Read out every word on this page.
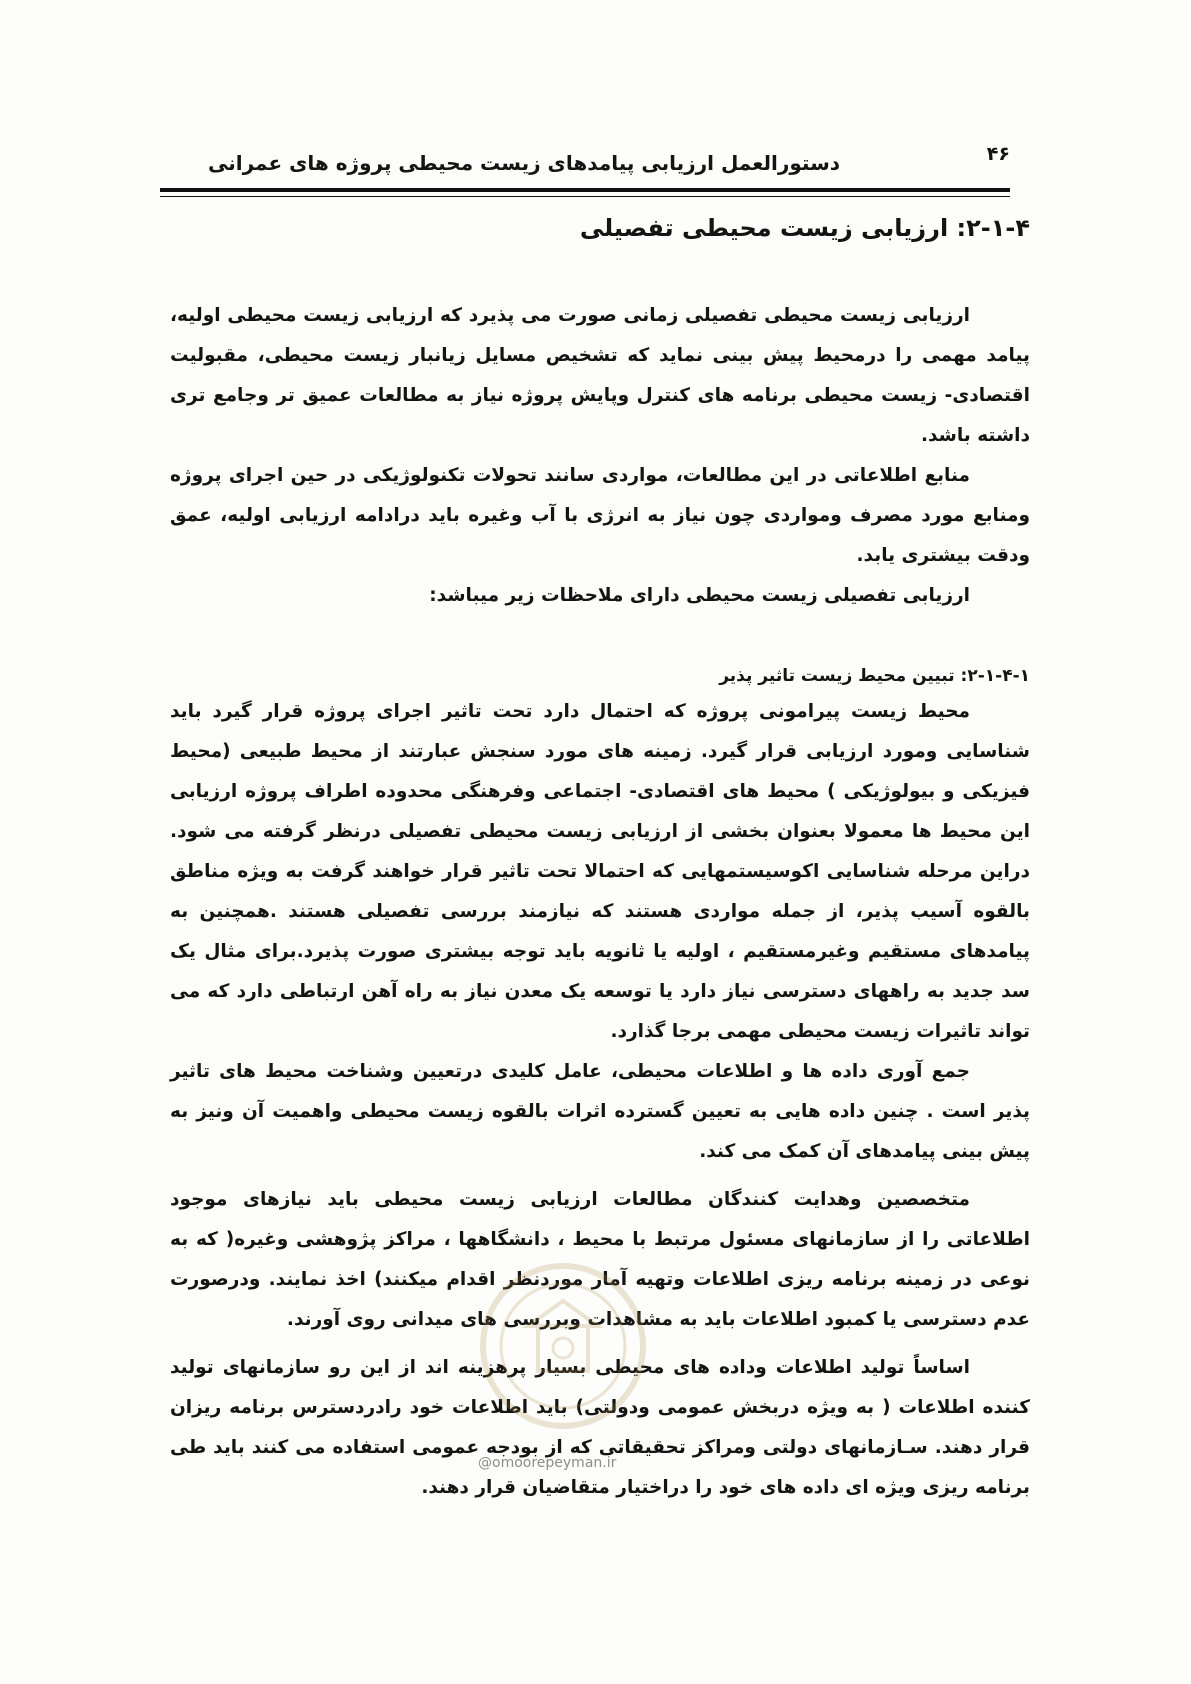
۴۶
دستورالعمل ارزیابی پیامدهای زیست محیطی پروژه های عمرانی
۲-۱-۴: ارزیابی زیست محیطی تفصیلی

ارزیابی زیست محیطی تفصیلی زمانی صورت می پذیرد که ارزیابی زیست محیطی اولیه، پیامد مهمی را درمحیط پیش بینی نماید که تشخیص مسایل زیانبار زیست محیطی، مقبولیت اقتصادی- زیست محیطی برنامه های کنترل وپایش پروژه نیاز به مطالعات عمیق تر وجامع تری داشته باشد.

منابع اطلاعاتی در این مطالعات، مواردی سانند تحولات تکنولوژیکی در حین اجرای پروژه ومنابع مورد مصرف ومواردی چون نیاز به انرژی با آب وغیره باید درادامه ارزیابی اولیه، عمق ودقت بیشتری یابد.

ارزیابی تفصیلی زیست محیطی دارای ملاحظات زیر میباشد:

۲-۱-۴-۱: تبیین محیط زیست تاثیر پذیر

محیط زیست پیرامونی پروژه که احتمال دارد تحت تاثیر اجرای پروژه قرار گیرد باید شناسایی ومورد ارزیابی قرار گیرد. زمینه های مورد سنجش عبارتند از محیط طبیعی (محیط فیزیکی و بیولوژیکی ) محیط های اقتصادی- اجتماعی وفرهنگی محدوده اطراف پروژه ارزیابی این محیط ها معمولا بعنوان بخشی از ارزیابی زیست محیطی تفصیلی درنظر گرفته می شود. دراین مرحله شناسایی اکوسیستمهایی که احتمالا تحت تاثیر قرار خواهند گرفت به ویژه مناطق بالقوه آسیب پذیر، از جمله مواردی هستند که نیازمند بررسی تفصیلی هستند .همچنین به پیامدهای مستقیم وغیرمستقیم ، اولیه یا ثانویه باید توجه بیشتری صورت پذیرد.برای مثال یک سد جدید به راههای دسترسی نیاز دارد یا توسعه یک معدن نیاز به راه آهن ارتباطی دارد که می تواند تاثیرات زیست محیطی مهمی برجا گذارد.

جمع آوری داده ها و اطلاعات محیطی، عامل کلیدی درتعیین وشناخت محیط های تاثیر پذیر است . چنین داده هایی به تعیین گسترده اثرات بالقوه زیست محیطی واهمیت آن ونیز به پیش بینی پیامدهای آن کمک می کند.

متخصصین وهدایت کنندگان مطالعات ارزیابی زیست محیطی باید نیازهای موجود اطلاعاتی را از سازمانهای مسئول مرتبط با محیط ، دانشگاهها ، مراکز پژوهشی وغیره( که به نوعی در زمینه برنامه ریزی اطلاعات وتهیه آمار موردنظر اقدام میکنند) اخذ نمایند. ودرصورت عدم دسترسی یا کمبود اطلاعات باید به مشاهدات وبررسی های میدانی روی آورند.

اساساً تولید اطلاعات وداده های محیطی بسیار پرهزینه اند از این رو سازمانهای تولید کننده اطلاعات ( به ویژه دربخش عمومی ودولتی) باید اطلاعات خود رادردسترس برنامه ریزان قرار دهند. سـازمانهای دولتی ومراکز تحقیقاتی که از بودجه عمومی استفاده می کنند باید طی برنامه ریزی ویژه ای داده های خود را دراختیار متقاضیان قرار دهند.

@omoorepeyman.ir
